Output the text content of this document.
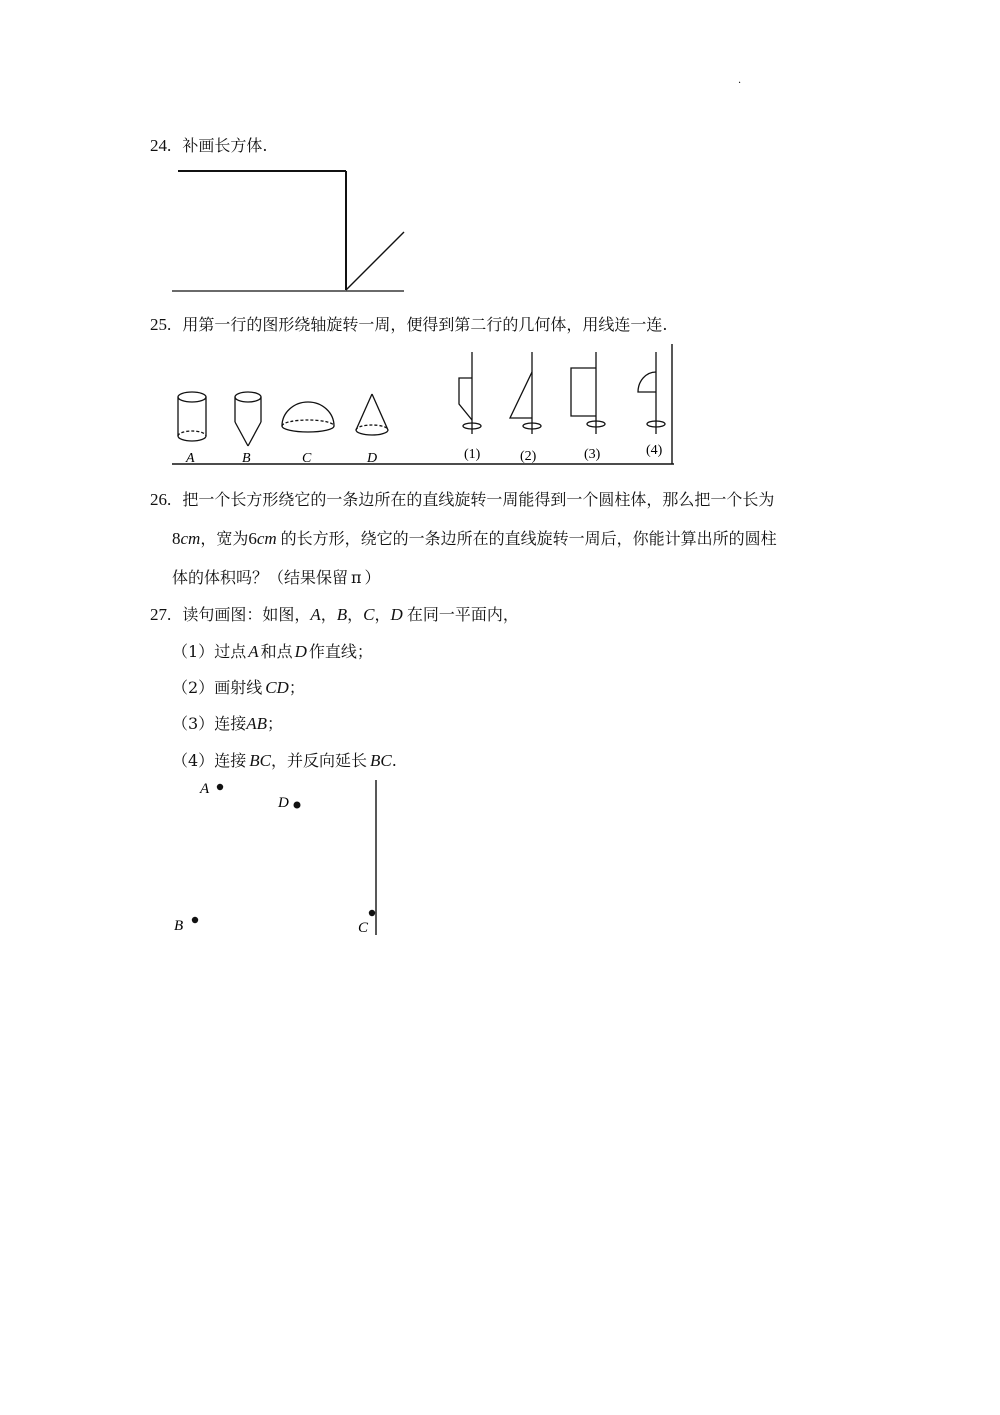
·
24. 补画长方体.
25. 用第一行的图形绕轴旋转一周，便得到第二行的几何体，用线连一连.
A	B	C	D	(1)	(2)	(3)	(4)
26. 把一个长方形绕它的一条边所在的直线旋转一周能得到一个圆柱体，那么把一个长为
8cm，宽为6cm 的长方形，绕它的一条边所在的直线旋转一周后，你能计算出所的圆柱
体的体积吗？（结果保留 π ）
27. 读句画图：如图，A，B，C，D 在同一平面内，
（1）过点 A 和点 D 作直线；
（2）画射线 CD；
（3）连接AB；
（4）连接 BC，并反向延长 BC.
A
D
B	C
